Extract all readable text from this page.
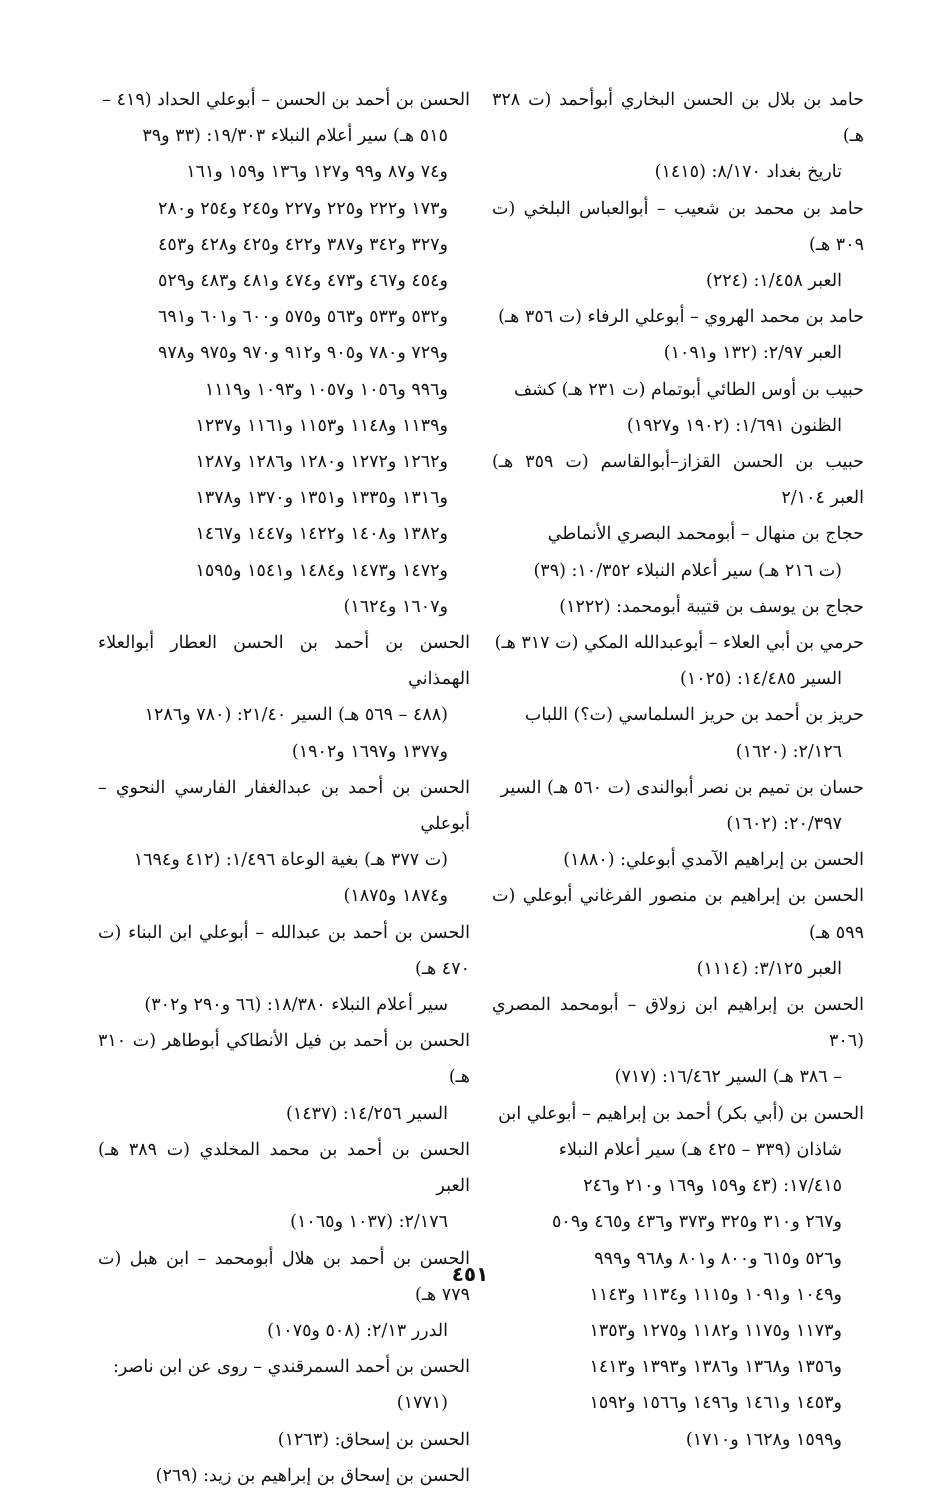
حامد بن بلال بن الحسن البخاري أبوأحمد (ت ٣٢٨ هـ)
تاريخ بغداد ٨/١٧٠: (١٤١٥)
حامد بن محمد بن شعيب – أبوالعباس البلخي (ت ٣٠٩ هـ)
العبر ١/٤٥٨: (٢٢٤)
حامد بن محمد الهروي – أبوعلي الرفاء (ت ٣٥٦ هـ)
العبر ٢/٩٧: (١٣٢ و١٠٩١)
حبيب بن أوس الطائي أبوتمام (ت ٢٣١ هـ) كشف
الظنون ١/٦٩١: (١٩٠٢ و١٩٢٧)
حبيب بن الحسن القزاز–أبوالقاسم (ت ٣٥٩ هـ) العبر ٢/١٠٤
حجاج بن منهال – أبومحمد البصري الأنماطي
(ت ٢١٦ هـ) سير أعلام النبلاء ١٠/٣٥٢: (٣٩)
حجاج بن يوسف بن قتيبة أبومحمد: (١٢٢٢)
حرمي بن أبي العلاء – أبوعبدالله المكي (ت ٣١٧ هـ)
السير ١٤/٤٨٥: (١٠٢٥)
حريز بن أحمد بن حريز السلماسي (ت؟) اللباب
٢/١٢٦: (١٦٢٠)
حسان بن تميم بن نصر أبوالندى (ت ٥٦٠ هـ) السير
٢٠/٣٩٧: (١٦٠٢)
الحسن بن إبراهيم الآمدي أبوعلي: (١٨٨٠)
الحسن بن إبراهيم بن منصور الفرغاني أبوعلي (ت ٥٩٩ هـ)
العبر ٣/١٢٥: (١١١٤)
الحسن بن إبراهيم ابن زولاق – أبومحمد المصري (٣٠٦
– ٣٨٦ هـ) السير ١٦/٤٦٢: (٧١٧)
الحسن بن (أبي بكر) أحمد بن إبراهيم – أبوعلي ابن
شاذان (٣٣٩ – ٤٢٥ هـ) سير أعلام النبلاء
١٧/٤١٥: (٤٣ و١٥٩ و١٦٩ و٢١٠ و٢٤٦
و٢٦٧ و٣١٠ و٣٢٥ و٣٧٣ و٤٣٦ و٤٦٥ و٥٠٩
و٥٢٦ و٦١٥ و٨٠٠ و٨٠١ و٩٦٨ و٩٩٩
و١٠٤٩ و١٠٩١ و١١١٥ و١١٣٤ و١١٤٣
و١١٧٣ و١١٧٥ و١١٨٢ و١٢٧٥ و١٣٥٣
و١٣٥٦ و١٣٦٨ و١٣٨٦ و١٣٩٣ و١٤١٣
و١٤٥٣ و١٤٦١ و١٤٩٦ و١٥٦٦ و١٥٩٢
و١٥٩٩ و١٦٢٨ و١٧١٠)
الحسن بن أحمد بن الحسن – أبوعلي الحداد (٤١٩ –
٥١٥ هـ) سير أعلام النبلاء ١٩/٣٠٣: (٣٣ و٣٩
و٧٤ و٨٧ و٩٩ و١٢٧ و١٣٦ و١٥٩ و١٦١
و١٧٣ و٢٢٢ و٢٢٥ و٢٢٧ و٢٤٥ و٢٥٤ و٢٨٠
و٣٢٧ و٣٤٢ و٣٨٧ و٤٢٢ و٤٢٥ و٤٢٨ و٤٥٣
و٤٥٤ و٤٦٧ و٤٧٣ و٤٧٤ و٤٨١ و٤٨٣ و٥٢٩
و٥٣٢ و٥٣٣ و٥٦٣ و٥٧٥ و٦٠٠ و٦٠١ و٦٩١
و٧٢٩ و٧٨٠ و٩٠٥ و٩١٢ و٩٧٠ و٩٧٥ و٩٧٨
و٩٩٦ و١٠٥٦ و١٠٥٧ و١٠٩٣ و١١١٩
و١١٣٩ و١١٤٨ و١١٥٣ و١١٦١ و١٢٣٧
و١٢٦٢ و١٢٧٢ و١٢٨٠ و١٢٨٦ و١٢٨٧
و١٣١٦ و١٣٣٥ و١٣٥١ و١٣٧٠ و١٣٧٨
و١٣٨٢ و١٤٠٨ و١٤٢٢ و١٤٤٧ و١٤٦٧
و١٤٧٢ و١٤٧٣ و١٤٨٤ و١٥٤١ و١٥٩٥
و١٦٠٧ و١٦٢٤)
الحسن بن أحمد بن الحسن العطار أبوالعلاء الهمذاني
(٤٨٨ – ٥٦٩ هـ) السير ٢١/٤٠: (٧٨٠ و١٢٨٦
و١٣٧٧ و١٦٩٧ و١٩٠٢)
الحسن بن أحمد بن عبدالغفار الفارسي النحوي – أبوعلي
(ت ٣٧٧ هـ) بغية الوعاة ١/٤٩٦: (٤١٢ و١٦٩٤
و١٨٧٤ و١٨٧٥)
الحسن بن أحمد بن عبدالله – أبوعلي ابن البناء (ت ٤٧٠ هـ)
سير أعلام النبلاء ١٨/٣٨٠: (٦٦ و٢٩٠ و٣٠٢)
الحسن بن أحمد بن فيل الأنطاكي أبوطاهر (ت ٣١٠ هـ)
السير ١٤/٢٥٦: (١٤٣٧)
الحسن بن أحمد بن محمد المخلدي (ت ٣٨٩ هـ) العبر
٢/١٧٦: (١٠٣٧ و١٠٦٥)
الحسن بن أحمد بن هلال أبومحمد – ابن هبل (ت ٧٧٩ هـ)
الدرر ٢/١٣: (٥٠٨ و١٠٧٥)
الحسن بن أحمد السمرقندي – روى عن ابن ناصر:
(١٧٧١)
الحسن بن إسحاق: (١٢٦٣)
الحسن بن إسحاق بن إبراهيم بن زيد: (٢٦٩)
٤٥١
